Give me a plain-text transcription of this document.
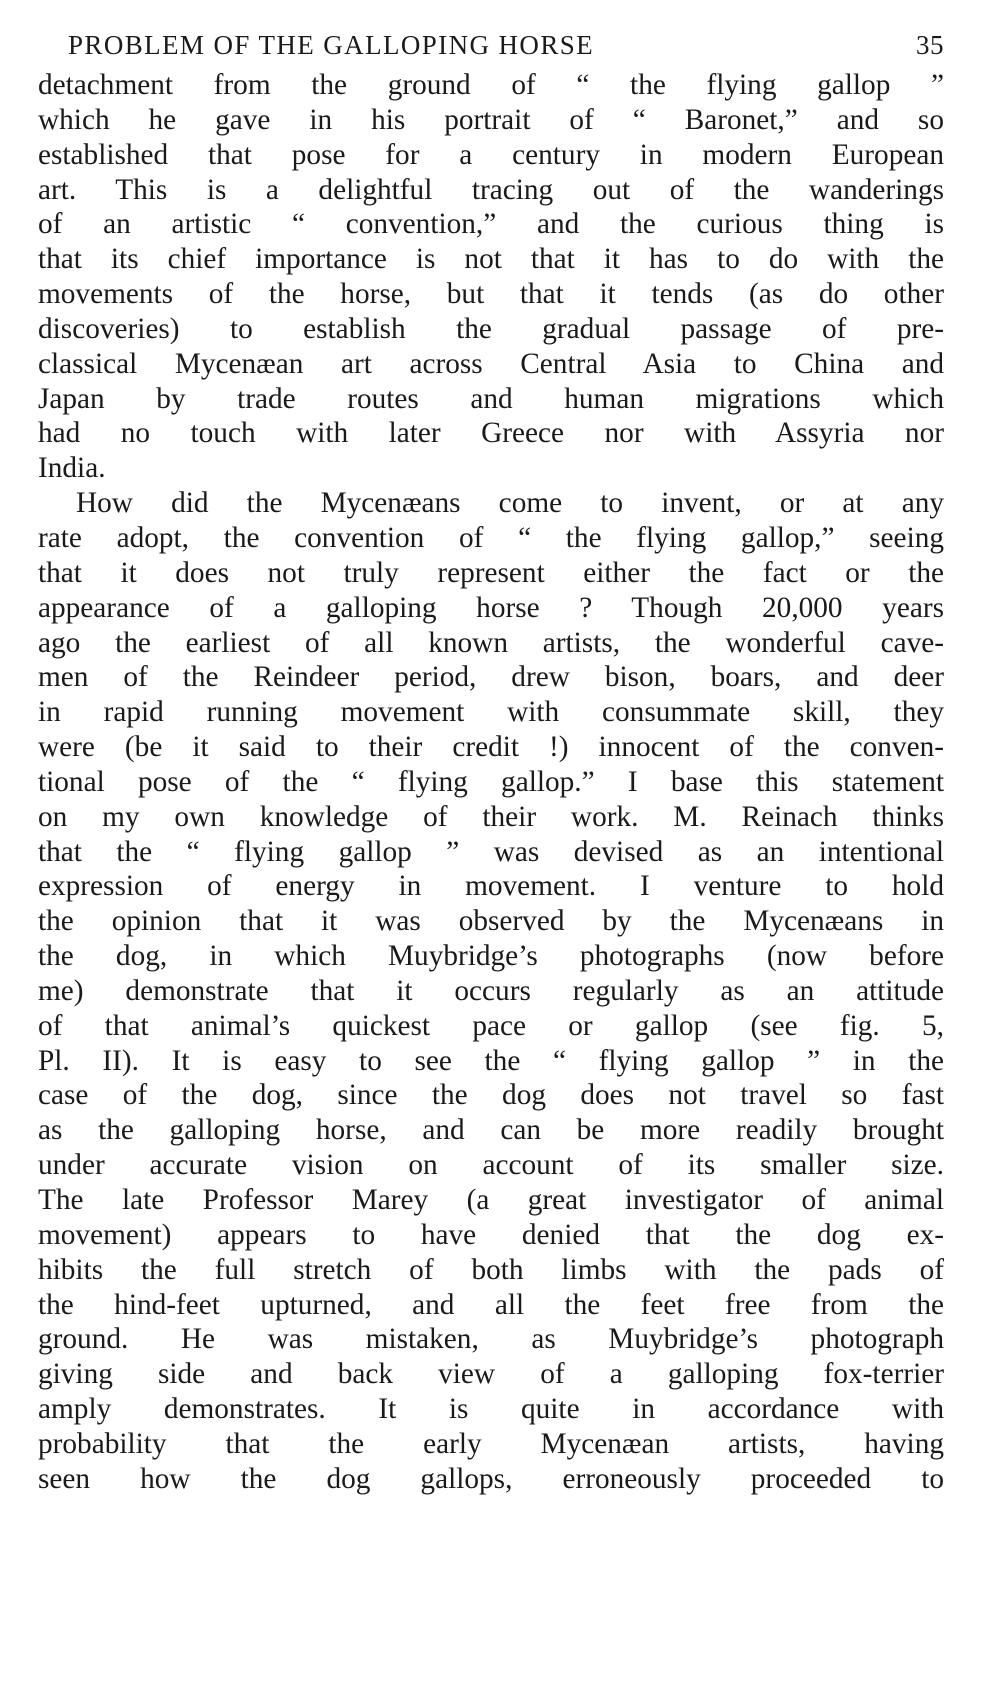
PROBLEM OF THE GALLOPING HORSE	35
detachment from the ground of “ the flying gallop ”
which he gave in his portrait of “ Baronet,” and so
established that pose for a century in modern European
art. This is a delightful tracing out of the wanderings
of an artistic “ convention,” and the curious thing is
that its chief importance is not that it has to do with the
movements of the horse, but that it tends (as do other
discoveries) to establish the gradual passage of pre-
classical Mycenæan art across Central Asia to China and
Japan by trade routes and human migrations which
had no touch with later Greece nor with Assyria nor
India.
How did the Mycenæans come to invent, or at any
rate adopt, the convention of “ the flying gallop,” seeing
that it does not truly represent either the fact or the
appearance of a galloping horse ? Though 20,000 years
ago the earliest of all known artists, the wonderful cave-
men of the Reindeer period, drew bison, boars, and deer
in rapid running movement with consummate skill, they
were (be it said to their credit !) innocent of the conven-
tional pose of the “ flying gallop.” I base this statement
on my own knowledge of their work. M. Reinach thinks
that the “ flying gallop ” was devised as an intentional
expression of energy in movement. I venture to hold
the opinion that it was observed by the Mycenæans in
the dog, in which Muybridge’s photographs (now before
me) demonstrate that it occurs regularly as an attitude
of that animal’s quickest pace or gallop (see fig. 5,
Pl. II). It is easy to see the “ flying gallop ” in the
case of the dog, since the dog does not travel so fast
as the galloping horse, and can be more readily brought
under accurate vision on account of its smaller size.
The late Professor Marey (a great investigator of animal
movement) appears to have denied that the dog ex-
hibits the full stretch of both limbs with the pads of
the hind-feet upturned, and all the feet free from the
ground. He was mistaken, as Muybridge’s photograph
giving side and back view of a galloping fox-terrier
amply demonstrates. It is quite in accordance with
probability that the early Mycenæan artists, having
seen how the dog gallops, erroneously proceeded to
